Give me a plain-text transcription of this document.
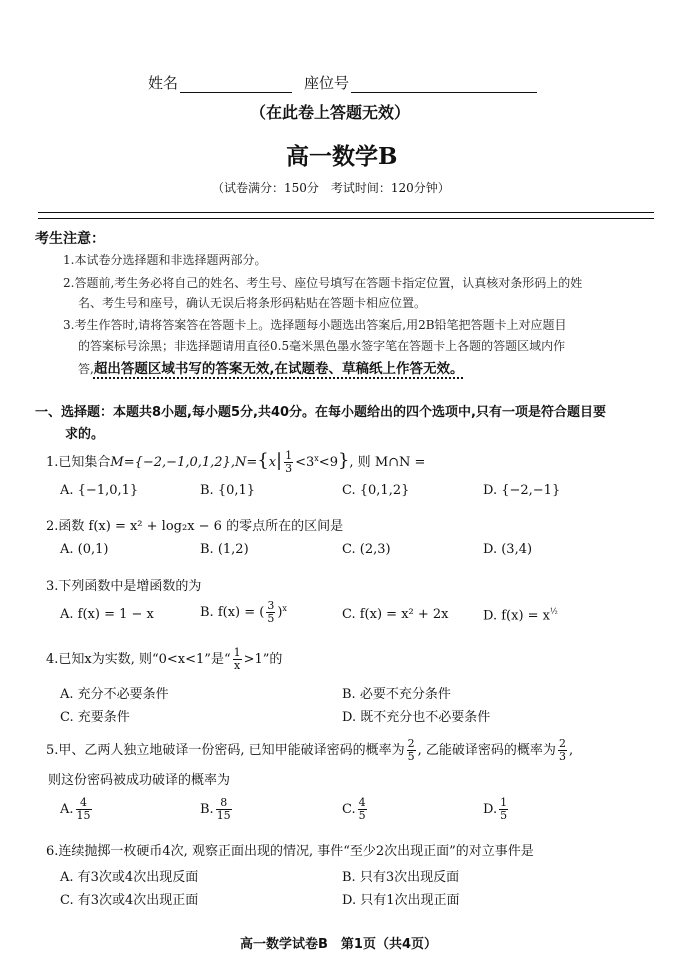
姓名	座位号
（在此卷上答题无效）
高一数学B
（试卷满分：150分　考试时间：120分钟）
考生注意：
1.本试卷分选择题和非选择题两部分。
2.答题前,考生务必将自己的姓名、考生号、座位号填写在答题卡指定位置，认真核对条形码上的姓
名、考生号和座号，确认无误后将条形码粘贴在答题卡相应位置。
3.考生作答时,请将答案答在答题卡上。选择题每小题选出答案后,用2B铅笔把答题卡上对应题目
的答案标号涂黑；非选择题请用直径0.5毫米黑色墨水签字笔在答题卡上各题的答题区域内作
答,超出答题区域书写的答案无效,在试题卷、草稿纸上作答无效。
一、选择题：本题共8小题,每小题5分,共40分。在每小题给出的四个选项中,只有一项是符合题目要
求的。
1.已知集合$M=\{-2,-1,0,1,2\},N=\{x| \frac{1}{3} <3^x<9\}$, 则 M∩N =
A. {−1,0,1}	B. {0,1}	C. {0,1,2}	D. {−2,−1}
2.函数 f(x) = x² + log₂x − 6 的零点所在的区间是
A. (0,1)	B. (1,2)	C. (2,3)	D. (3,4)
3.下列函数中是增函数的为
A. f(x) = 1 − x	B. f(x) = ( $\frac{3}{5} )^x$	C. f(x) = x² + 2x	D. $f(x) = x^{\frac{1}{2}}$
4.已知x为实数, 则“0<x<1”是“ $\frac{1}{x} >1$”的
A. 充分不必要条件	B. 必要不充分条件
C. 充要条件	D. 既不充分也不必要条件
5.甲、乙两人独立地破译一份密码, 已知甲能破译密码的概率为 $\frac{2}{5}$ , 乙能破译密码的概率为 $\frac{2}{3}$ ,
则这份密码被成功破译的概率为
A. $\frac{4}{15}$	B. $\frac{8}{15}$	C. $\frac{4}{5}$	D. $\frac{1}{5}$
6.连续抛掷一枚硬币4次, 观察正面出现的情况, 事件“至少2次出现正面”的对立事件是
A. 有3次或4次出现反面	B. 只有3次出现反面
C. 有3次或4次出现正面	D. 只有1次出现正面
高一数学试卷B　第1页（共4页）
